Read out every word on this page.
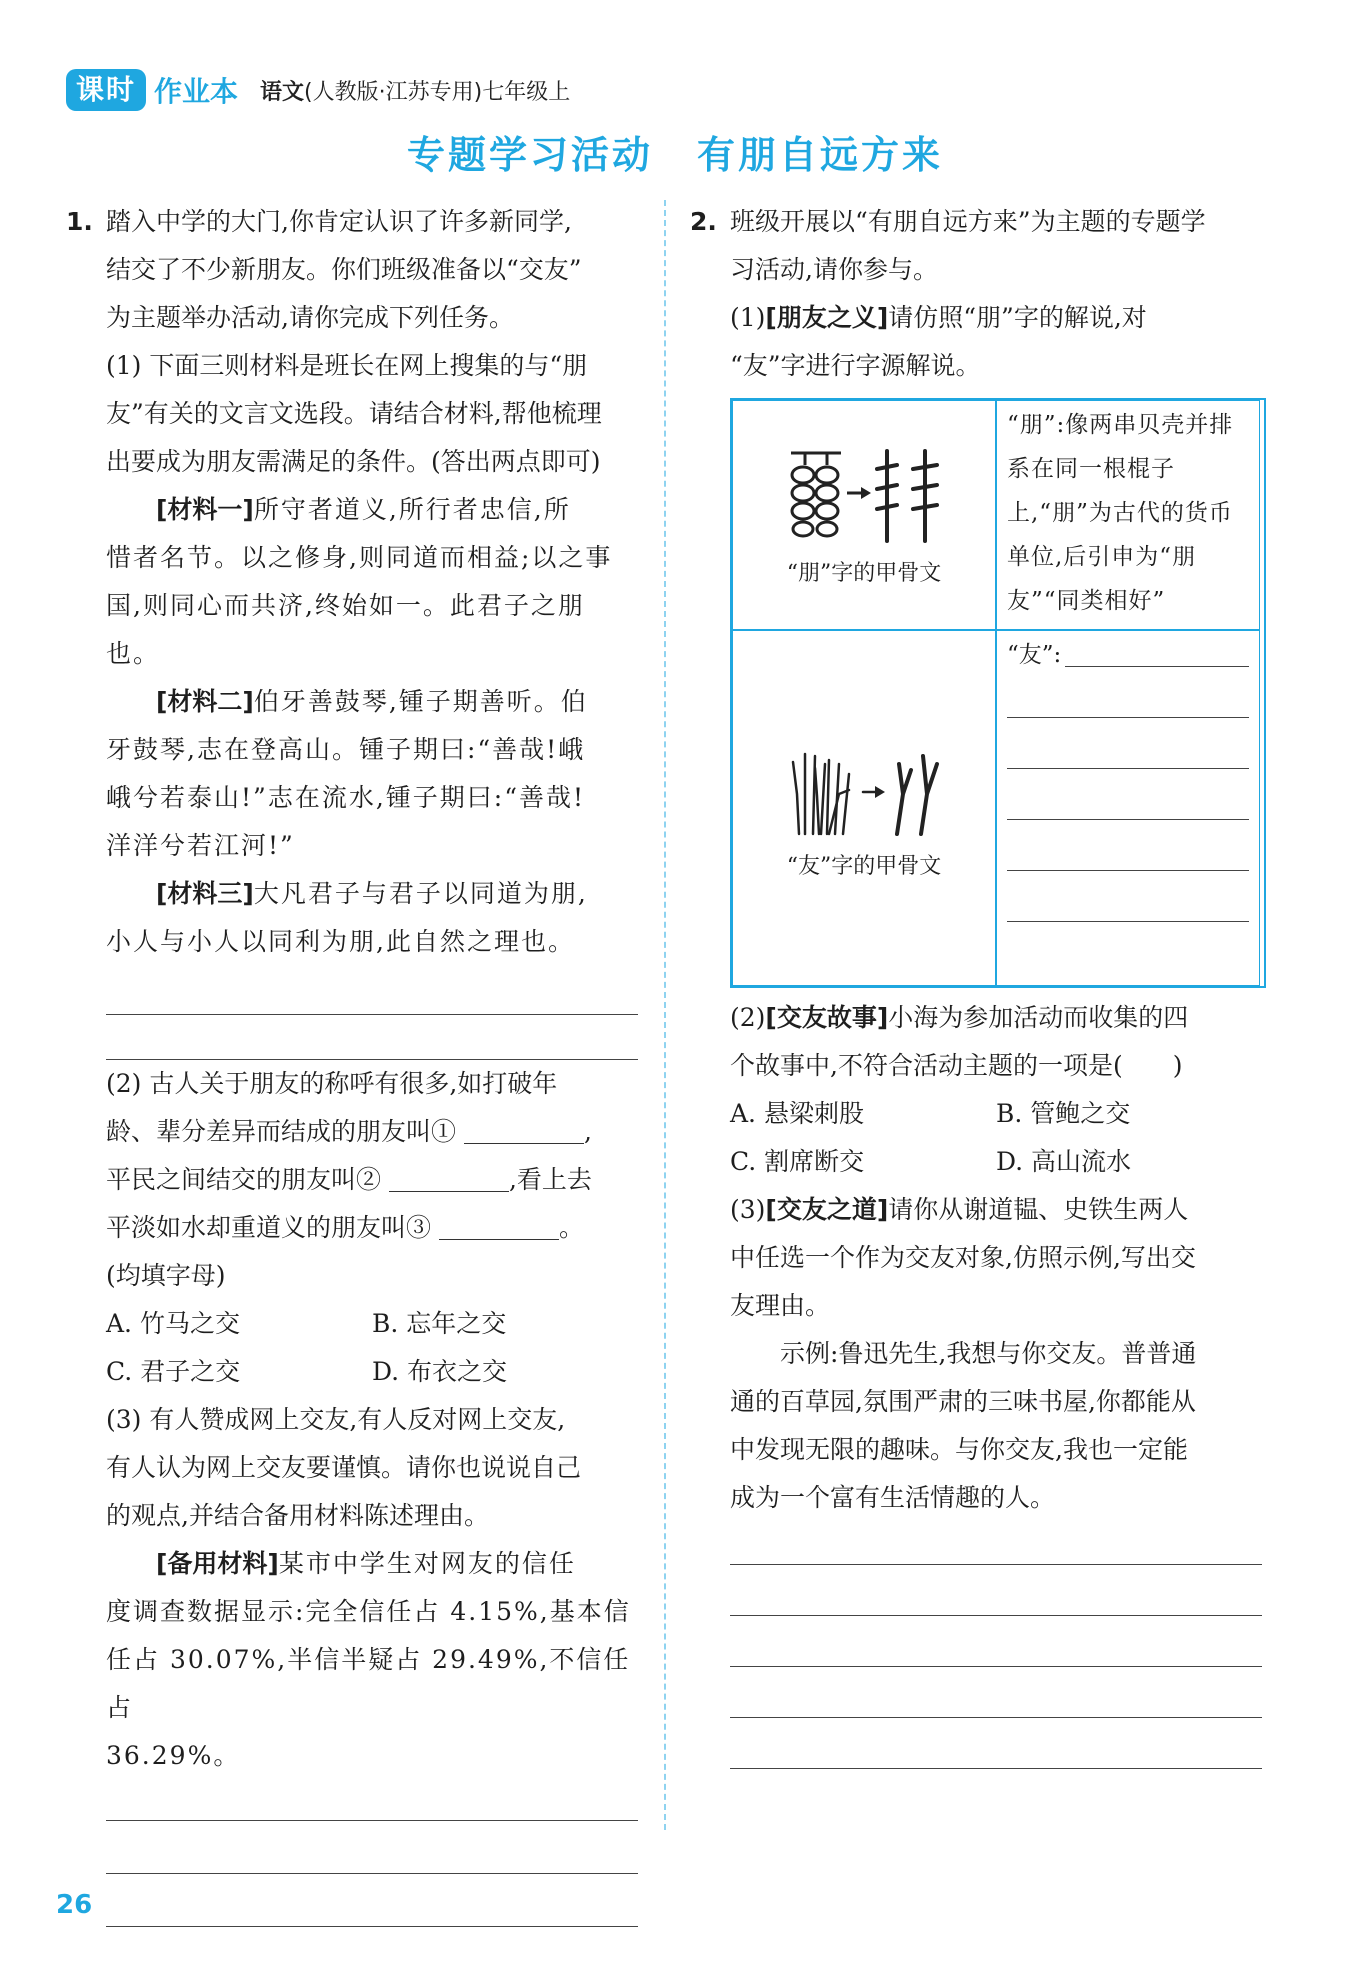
课时 作业本 语文(人教版·江苏专用)七年级上
专题学习活动 有朋自远方来
1. 踏入中学的大门,你肯定认识了许多新同学,
结交了不少新朋友。你们班级准备以“交友”
为主题举办活动,请你完成下列任务。
(1) 下面三则材料是班长在网上搜集的与“朋
友”有关的文言文选段。请结合材料,帮他梳理
出要成为朋友需满足的条件。(答出两点即可)
[材料一]所守者道义,所行者忠信,所
惜者名节。以之修身,则同道而相益;以之事
国,则同心而共济,终始如一。此君子之朋也。
[材料二]伯牙善鼓琴,锺子期善听。伯
牙鼓琴,志在登高山。锺子期曰:“善哉!峨
峨兮若泰山!”志在流水,锺子期曰:“善哉!
洋洋兮若江河!”
[材料三]大凡君子与君子以同道为朋,
小人与小人以同利为朋,此自然之理也。
(2) 古人关于朋友的称呼有很多,如打破年
龄、辈分差异而结成的朋友叫①	,
平民之间结交的朋友叫②	,看上去
平淡如水却重道义的朋友叫③	。
(均填字母)
A. 竹马之交	B. 忘年之交
C. 君子之交	D. 布衣之交
(3) 有人赞成网上交友,有人反对网上交友,
有人认为网上交友要谨慎。请你也说说自己
的观点,并结合备用材料陈述理由。
[备用材料]某市中学生对网友的信任
度调查数据显示:完全信任占 4.15%,基本信
任占 30.07%,半信半疑占 29.49%,不信任占
36.29%。
2. 班级开展以“有朋自远方来”为主题的专题学
习活动,请你参与。
(1)[朋友之义]请仿照“朋”字的解说,对
“友”字进行字源解说。
“朋”字的甲骨文
“朋”:像两串贝壳并排系在同一根棍子上,“朋”为古代的货币单位,后引申为“朋友”“同类相好”
“友”字的甲骨文
“友”:
(2)[交友故事]小海为参加活动而收集的四
个故事中,不符合活动主题的一项是(　　)
A. 悬梁刺股	B. 管鲍之交
C. 割席断交	D. 高山流水
(3)[交友之道]请你从谢道韫、史铁生两人
中任选一个作为交友对象,仿照示例,写出交
友理由。
示例:鲁迅先生,我想与你交友。普普通
通的百草园,氛围严肃的三味书屋,你都能从
中发现无限的趣味。与你交友,我也一定能
成为一个富有生活情趣的人。
26
